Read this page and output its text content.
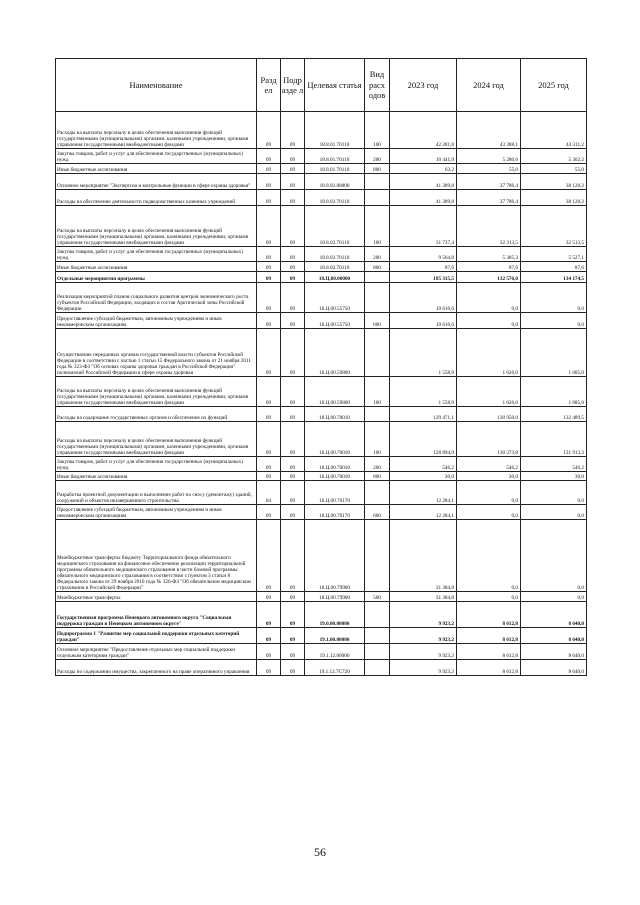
Наименование	Разд ел	Подр азде л	Целевая статья	Вид расх одов	2023 год	2024 год	2025 год
Расходы на выплаты персоналу в целях обеспечения выполнения функций государственными (муниципальными) органами, казенными учреждениями, органами управления государственными внебюджетными фондами	09	09	18.8.01.70110	100	42 281,8	43 388,1	43 311,2
Закупка товаров, работ и услуг для обеспечения государственных (муниципальных) нужд	09	09	18.8.01.70110	200	10 441,9	5 280,6	5 362,2
Иные бюджетные ассигнования	09	09	18.8.01.70110	800	63,2	55,0	55,0
Основное мероприятие "Экспертиза и контрольные функции в сфере охраны здоровья"	09	09	18.8.02.00000		41 389,8	37 786,4	38 128,2
Расходы на обеспечение деятельности подведомственных казенных учреждений	09	09	18.8.02.70110		41 389,8	37 786,4	38 128,2
Расходы на выплаты персоналу в целях обеспечения выполнения функций государственными (муниципальными) органами, казенными учреждениями, органами управления государственными внебюджетными фондами	09	09	18.8.02.70110	100	31 737,4	32 313,5	32 513,5
Закупка товаров, работ и услуг для обеспечения государственных (муниципальных) нужд	09	09	18.8.02.70110	200	9 564,8	5 385,3	5 527,1
Иные бюджетные ассигнования	09	09	18.8.02.70110	800	87,6	87,6	87,6
Отдельные мероприятия программы	09	09	18.Ц.00.00000		185 315,5	132 576,0	134 174,5
Реализация мероприятий планов социального развития центров экономического роста субъектов Российской Федерации, входящих в состав Арктической зоны Российской Федерации	09	09	18.Ц.00.55750		10 616,6	0,0	0,0
Предоставление субсидий бюджетным, автономным учреждениям и иным некоммерческим организациям	09	09	18.Ц.00.55750	600	10 616,6	0,0	0,0
Осуществление переданных органам государственной власти субъектов Российской Федерации в соответствии с частью 1 статьи 15 Федерального закона от 21 ноября 2011 года № 323-ФЗ "Об основах охраны здоровья граждан в Российской Федерации" полномочий Российской Федерации в сфере охраны здоровья	09	09	18.Ц.00.59800		1 558,9	1 626,0	1 685,0
Расходы на выплаты персоналу в целях обеспечения выполнения функций государственными (муниципальными) органами, казенными учреждениями, органами управления государственными внебюджетными фондами	09	09	18.Ц.00.59800	100	1 558,9	1 626,0	1 685,0
Расходы на содержание государственных органов и обеспечение их функций	09	09	18.Ц.00.70010		129 471,1	130 950,0	132 489,5
Расходы на выплаты персоналу в целях обеспечения выполнения функций государственными (муниципальными) органами, казенными учреждениями, органами управления государственными внебюджетными фондами	09	09	18.Ц.00.70010	100	128 894,9	130 373,8	131 913,3
Закупка товаров, работ и услуг для обеспечения государственных (муниципальных) нужд	09	09	18.Ц.00.70010	200	546,2	546,2	546,2
Иные бюджетные ассигнования	09	09	18.Ц.00.70010	800	30,0	30,0	30,0
Разработка проектной документации и выполнение работ по сносу (демонтажу) зданий, сооружений и объектов незавершенного строительства	04	09	18.Ц.00.70170		12 284,1	0,0	0,0
Предоставление субсидий бюджетным, автономным учреждениям и иным некоммерческим организациям	09	09	18.Ц.00.70170	600	12 284,1	0,0	0,0
Межбюджетные трансферты бюджету Территориального фонда обязательного медицинского страхования на финансовое обеспечение реализации территориальной программы обязательного медицинского страхования в части базовой программы обязательного медицинского страхования в соответствии с пунктом 3 статьи 8 Федерального закона от 29 ноября 2010 года № 326-ФЗ "Об обязательном медицинском страховании в Российской Федерации"	09	09	18.Ц.00.79900		31 384,8	0,0	0,0
Межбюджетные трансферты	09	09	18.Ц.00.79900	500	31 384,8	0,0	0,0
Государственная программа Ненецкого автономного округа "Социальная поддержка граждан в Ненецком автономном округе"	09	09	19.0.00.00000		9 923,2	8 612,8	8 640,0
Подпрограмма 1 "Развитие мер социальной поддержки отдельных категорий граждан"	09	09	19.1.00.00000		9 923,2	8 612,8	8 640,0
Основное мероприятие "Предоставление отдельных мер социальной поддержки отдельным категориям граждан"	09	09	19.1.12.00000		9 923,2	8 612,8	8 640,0
Расходы по содержанию имущества, закрепленного на праве оперативного управления	09	09	19.1.12.7С720		9 923,2	8 612,8	8 640,0
56
